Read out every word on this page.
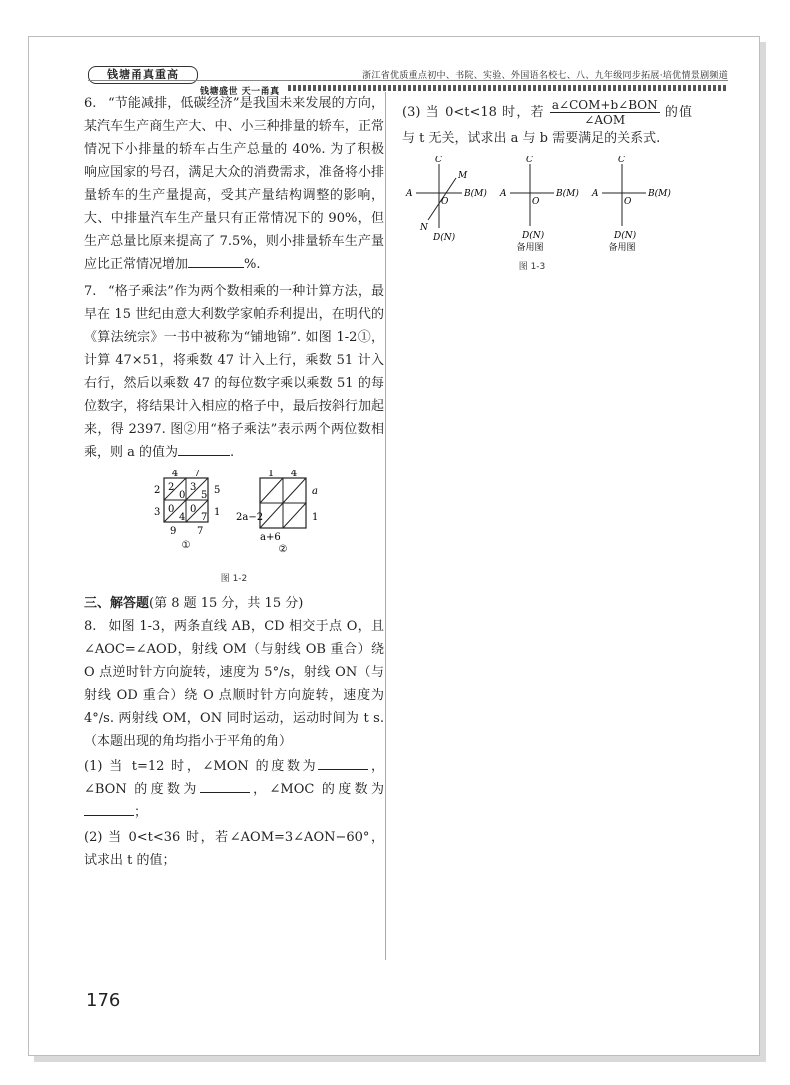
钱塘甬真重高
钱塘盛世 天一甬真
浙江省优质重点初中、书院、实验、外国语名校七、八、九年级同步拓展·培优情景剧频道

6. “节能减排，低碳经济”是我国未来发展的方向，某汽车生产商生产大、中、小三种排量的轿车，正常情况下小排量的轿车占生产总量的 40%. 为了积极响应国家的号召，满足大众的消费需求，准备将小排量轿车的生产量提高，受其产量结构调整的影响，大、中排量汽车生产量只有正常情况下的 90%，但生产总量比原来提高了 7.5%，则小排量轿车生产量应比正常情况增加	%.

7. “格子乘法”作为两个数相乘的一种计算方法，最早在 15 世纪由意大利数学家帕乔利提出，在明代的《算法统宗》一书中被称为“铺地锦”. 如图 1-2①，计算 47×51，将乘数 47 计入上行，乘数 51 计入右行，然后以乘数 47 的每位数字乘以乘数 51 的每位数字，将结果计入相应的格子中，最后按斜行加起来，得 2397. 图②用“格子乘法”表示两个两位数相乘，则 a 的值为	.

4 7
5
1
2
3
2
0
3
5
0
4
0
7
9 7
①
1 4
a
1
2a−2
a+6
②
图 1-2
三、解答题(第 8 题 15 分，共 15 分)

8. 如图 1-3，两条直线 AB，CD 相交于点 O，且∠AOC=∠AOD，射线 OM（与射线 OB 重合）绕 O 点逆时针方向旋转，速度为 5°/s，射线 ON（与射线 OD 重合）绕 O 点顺时针方向旋转，速度为 4°/s. 两射线 OM，ON 同时运动，运动时间为 t s.（本题出现的角均指小于平角的角）

(1) 当 t=12 时，∠MON 的度数为	，∠BON 的度数为	，∠MOC 的度数为；

(2) 当 0<t<36 时，若∠AOM=3∠AON−60°，试求出 t 的值；

(3) 当 0<t<18 时，若 $\frac{\text{a∠COM+b∠BON}}{\text{∠AOM}}$ 的值与 t 无关，试求出 a 与 b 需要满足的关系式.

C
A	B(M)
D(N)
O
M
N
C
A	B(M)
D(N)
O
备用图
C
A	B(M)
D(N)
O
备用图
图 1-3
176
